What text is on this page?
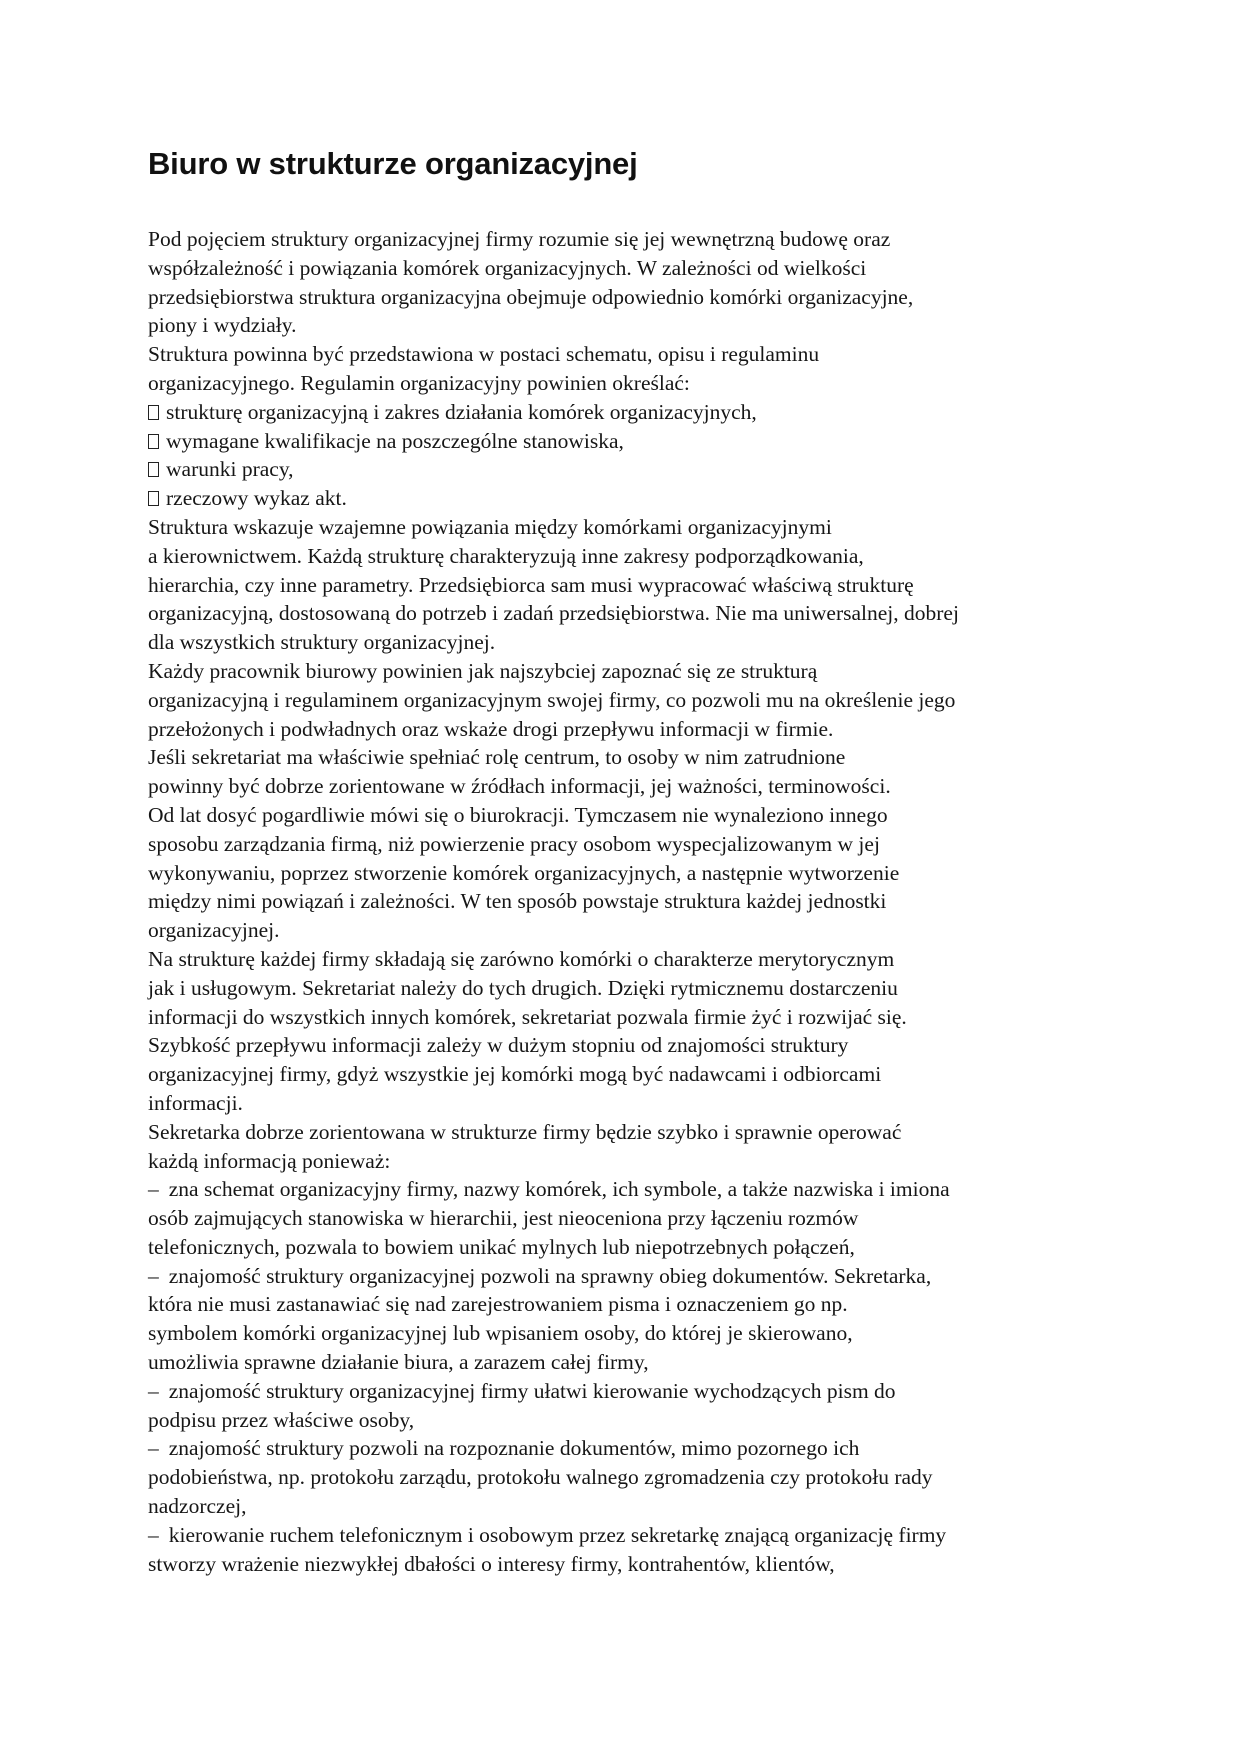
Biuro w strukturze organizacyjnej
Pod pojęciem struktury organizacyjnej firmy rozumie się jej wewnętrzną budowę oraz
współzależność i powiązania komórek organizacyjnych. W zależności od wielkości
przedsiębiorstwa struktura organizacyjna obejmuje odpowiednio komórki organizacyjne,
piony i wydziały.
Struktura powinna być przedstawiona w postaci schematu, opisu i regulaminu
organizacyjnego. Regulamin organizacyjny powinien określać:
strukturę organizacyjną i zakres działania komórek organizacyjnych,
wymagane kwalifikacje na poszczególne stanowiska,
warunki pracy,
rzeczowy wykaz akt.
Struktura wskazuje wzajemne powiązania między komórkami organizacyjnymi
a kierownictwem. Każdą strukturę charakteryzują inne zakresy podporządkowania,
hierarchia, czy inne parametry. Przedsiębiorca sam musi wypracować właściwą strukturę
organizacyjną, dostosowaną do potrzeb i zadań przedsiębiorstwa. Nie ma uniwersalnej, dobrej
dla wszystkich struktury organizacyjnej.
Każdy pracownik biurowy powinien jak najszybciej zapoznać się ze strukturą
organizacyjną i regulaminem organizacyjnym swojej firmy, co pozwoli mu na określenie jego
przełożonych i podwładnych oraz wskaże drogi przepływu informacji w firmie.
Jeśli sekretariat ma właściwie spełniać rolę centrum, to osoby w nim zatrudnione
powinny być dobrze zorientowane w źródłach informacji, jej ważności, terminowości.
Od lat dosyć pogardliwie mówi się o biurokracji. Tymczasem nie wynaleziono innego
sposobu zarządzania firmą, niż powierzenie pracy osobom wyspecjalizowanym w jej
wykonywaniu, poprzez stworzenie komórek organizacyjnych, a następnie wytworzenie
między nimi powiązań i zależności. W ten sposób powstaje struktura każdej jednostki
organizacyjnej.
Na strukturę każdej firmy składają się zarówno komórki o charakterze merytorycznym
jak i usługowym. Sekretariat należy do tych drugich. Dzięki rytmicznemu dostarczeniu
informacji do wszystkich innych komórek, sekretariat pozwala firmie żyć i rozwijać się.
Szybkość przepływu informacji zależy w dużym stopniu od znajomości struktury
organizacyjnej firmy, gdyż wszystkie jej komórki mogą być nadawcami i odbiorcami
informacji.
Sekretarka dobrze zorientowana w strukturze firmy będzie szybko i sprawnie operować
każdą informacją ponieważ:
– zna schemat organizacyjny firmy, nazwy komórek, ich symbole, a także nazwiska i imiona
osób zajmujących stanowiska w hierarchii, jest nieoceniona przy łączeniu rozmów
telefonicznych, pozwala to bowiem unikać mylnych lub niepotrzebnych połączeń,
– znajomość struktury organizacyjnej pozwoli na sprawny obieg dokumentów. Sekretarka,
która nie musi zastanawiać się nad zarejestrowaniem pisma i oznaczeniem go np.
symbolem komórki organizacyjnej lub wpisaniem osoby, do której je skierowano,
umożliwia sprawne działanie biura, a zarazem całej firmy,
– znajomość struktury organizacyjnej firmy ułatwi kierowanie wychodzących pism do
podpisu przez właściwe osoby,
– znajomość struktury pozwoli na rozpoznanie dokumentów, mimo pozornego ich
podobieństwa, np. protokołu zarządu, protokołu walnego zgromadzenia czy protokołu rady
nadzorczej,
– kierowanie ruchem telefonicznym i osobowym przez sekretarkę znającą organizację firmy
stworzy wrażenie niezwykłej dbałości o interesy firmy, kontrahentów, klientów,
